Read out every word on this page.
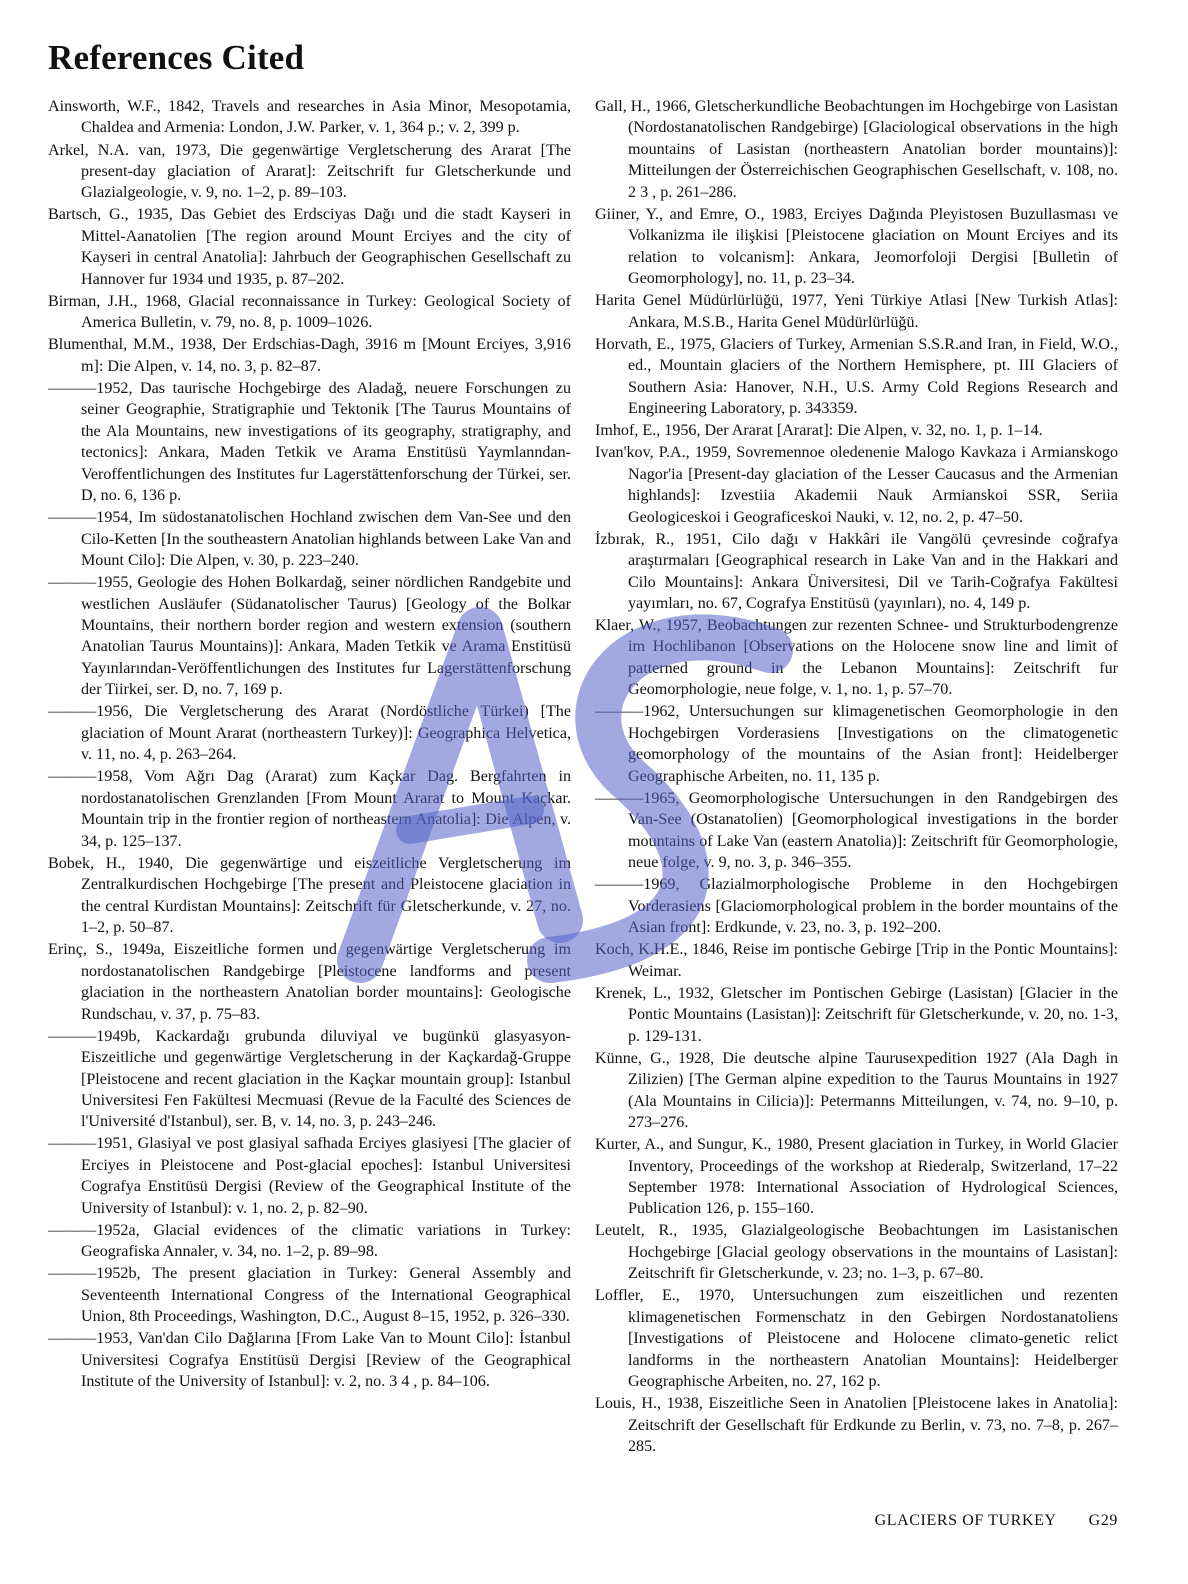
References Cited

Ainsworth, W.F., 1842, Travels and researches in Asia Minor, Mesopotamia, Chaldea and Armenia: London, J.W. Parker, v. 1, 364 p.; v. 2, 399 p.

Arkel, N.A. van, 1973, Die gegenwärtige Vergletscherung des Ararat [The present-day glaciation of Ararat]: Zeitschrift fur Gletscherkunde und Glazialgeologie, v. 9, no. 1–2, p. 89–103.

Bartsch, G., 1935, Das Gebiet des Erdsciyas Dağı und die stadt Kayseri in Mittel-Aanatolien [The region around Mount Erciyes and the city of Kayseri in central Anatolia]: Jahrbuch der Geographischen Gesellschaft zu Hannover fur 1934 und 1935, p. 87–202.

Birman, J.H., 1968, Glacial reconnaissance in Turkey: Geological Society of America Bulletin, v. 79, no. 8, p. 1009–1026.

Blumenthal, M.M., 1938, Der Erdschias-Dagh, 3916 m [Mount Erciyes, 3,916 m]: Die Alpen, v. 14, no. 3, p. 82–87.

———1952, Das taurische Hochgebirge des Aladağ, neuere Forschungen zu seiner Geographie, Stratigraphie und Tektonik [The Taurus Mountains of the Ala Mountains, new investigations of its geography, stratigraphy, and tectonics]: Ankara, Maden Tetkik ve Arama Enstitüsü Yaymlanndan-Veroffentlichungen des Institutes fur Lagerstättenforschung der Türkei, ser. D, no. 6, 136 p.

———1954, Im südostanatolischen Hochland zwischen dem Van-See und den Cilo-Ketten [In the southeastern Anatolian highlands between Lake Van and Mount Cilo]: Die Alpen, v. 30, p. 223–240.

———1955, Geologie des Hohen Bolkardağ, seiner nördlichen Randgebite und westlichen Ausläufer (Südanatolischer Taurus) [Geology of the Bolkar Mountains, their northern border region and western extension (southern Anatolian Taurus Mountains)]: Ankara, Maden Tetkik ve Arama Enstitüsü Yayınlarından-Veröffentlichungen des Institutes fur Lagerstättenforschung der Tiirkei, ser. D, no. 7, 169 p.

———1956, Die Vergletscherung des Ararat (Nordöstliche Türkei) [The glaciation of Mount Ararat (northeastern Turkey)]: Geographica Helvetica, v. 11, no. 4, p. 263–264.

———1958, Vom Ağrı Dag (Ararat) zum Kaçkar Dag. Bergfahrten in nordostanatolischen Grenzlanden [From Mount Ararat to Mount Kaçkar. Mountain trip in the frontier region of northeastern Anatolia]: Die Alpen, v. 34, p. 125–137.

Bobek, H., 1940, Die gegenwärtige und eiszeitliche Vergletscherung im Zentralkurdischen Hochgebirge [The present and Pleistocene glaciation in the central Kurdistan Mountains]: Zeitschrift für Gletscherkunde, v. 27, no. 1–2, p. 50–87.

Erinç, S., 1949a, Eiszeitliche formen und gegenwärtige Vergletscherung im nordostanatolischen Randgebirge [Pleistocene landforms and present glaciation in the northeastern Anatolian border mountains]: Geologische Rundschau, v. 37, p. 75–83.

———1949b, Kackardağı grubunda diluviyal ve bugünkü glasyasyon-Eiszeitliche und gegenwärtige Vergletscherung in der Kaçkardağ-Gruppe [Pleistocene and recent glaciation in the Kaçkar mountain group]: Istanbul Universitesi Fen Fakültesi Mecmuasi (Revue de la Faculté des Sciences de l'Université d'Istanbul), ser. B, v. 14, no. 3, p. 243–246.

———1951, Glasiyal ve post glasiyal safhada Erciyes glasiyesi [The glacier of Erciyes in Pleistocene and Post-glacial epoches]: Istanbul Universitesi Cografya Enstitüsü Dergisi (Review of the Geographical Institute of the University of Istanbul): v. 1, no. 2, p. 82–90.

———1952a, Glacial evidences of the climatic variations in Turkey: Geografiska Annaler, v. 34, no. 1–2, p. 89–98.

———1952b, The present glaciation in Turkey: General Assembly and Seventeenth International Congress of the International Geographical Union, 8th Proceedings, Washington, D.C., August 8–15, 1952, p. 326–330.

———1953, Van'dan Cilo Dağlarına [From Lake Van to Mount Cilo]: İstanbul Universitesi Cografya Enstitüsü Dergisi [Review of the Geographical Institute of the University of Istanbul]: v. 2, no. 3 4 , p. 84–106.

Gall, H., 1966, Gletscherkundliche Beobachtungen im Hochgebirge von Lasistan (Nordostanatolischen Randgebirge) [Glaciological observations in the high mountains of Lasistan (northeastern Anatolian border mountains)]: Mitteilungen der Österreichischen Geographischen Gesellschaft, v. 108, no. 2 3 , p. 261–286.

Giiner, Y., and Emre, O., 1983, Erciyes Dağında Pleyistosen Buzullasması ve Volkanizma ile ilişkisi [Pleistocene glaciation on Mount Erciyes and its relation to volcanism]: Ankara, Jeomorfoloji Dergisi [Bulletin of Geomorphology], no. 11, p. 23–34.

Harita Genel Müdürlürlüğü, 1977, Yeni Türkiye Atlasi [New Turkish Atlas]: Ankara, M.S.B., Harita Genel Müdürlürlüğü.

Horvath, E., 1975, Glaciers of Turkey, Armenian S.S.R.and Iran, in Field, W.O., ed., Mountain glaciers of the Northern Hemisphere, pt. III Glaciers of Southern Asia: Hanover, N.H., U.S. Army Cold Regions Research and Engineering Laboratory, p. 343359.

Imhof, E., 1956, Der Ararat [Ararat]: Die Alpen, v. 32, no. 1, p. 1–14.

Ivan'kov, P.A., 1959, Sovremennoe oledenenie Malogo Kavkaza i Armianskogo Nagor'ia [Present-day glaciation of the Lesser Caucasus and the Armenian highlands]: Izvestiia Akademii Nauk Armianskoi SSR, Seriia Geologiceskoi i Geograficeskoi Nauki, v. 12, no. 2, p. 47–50.

İzbırak, R., 1951, Cilo dağı v Hakkâri ile Vangölü çevresinde coğrafya araştırmaları [Geographical research in Lake Van and in the Hakkari and Cilo Mountains]: Ankara Üniversitesi, Dil ve Tarih-Coğrafya Fakültesi yayımları, no. 67, Cografya Enstitüsü (yayınları), no. 4, 149 p.

Klaer, W., 1957, Beobachtungen zur rezenten Schnee- und Strukturbodengrenze im Hochlibanon [Observations on the Holocene snow line and limit of patterned ground in the Lebanon Mountains]: Zeitschrift fur Geomorphologie, neue folge, v. 1, no. 1, p. 57–70.

———1962, Untersuchungen sur klimagenetischen Geomorphologie in den Hochgebirgen Vorderasiens [Investigations on the climatogenetic geomorphology of the mountains of the Asian front]: Heidelberger Geographische Arbeiten, no. 11, 135 p.

———1965, Geomorphologische Untersuchungen in den Randgebirgen des Van-See (Ostanatolien) [Geomorphological investigations in the border mountains of Lake Van (eastern Anatolia)]: Zeitschrift für Geomorphologie, neue folge, v. 9, no. 3, p. 346–355.

———1969, Glazialmorphologische Probleme in den Hochgebirgen Vorderasiens [Glaciomorphological problem in the border mountains of the Asian front]: Erdkunde, v. 23, no. 3, p. 192–200.

Koch, K.H.E., 1846, Reise im pontische Gebirge [Trip in the Pontic Mountains]: Weimar.

Krenek, L., 1932, Gletscher im Pontischen Gebirge (Lasistan) [Glacier in the Pontic Mountains (Lasistan)]: Zeitschrift für Gletscherkunde, v. 20, no. 1-3, p. 129-131.

Künne, G., 1928, Die deutsche alpine Taurusexpedition 1927 (Ala Dagh in Zilizien) [The German alpine expedition to the Taurus Mountains in 1927 (Ala Mountains in Cilicia)]: Petermanns Mitteilungen, v. 74, no. 9–10, p. 273–276.

Kurter, A., and Sungur, K., 1980, Present glaciation in Turkey, in World Glacier Inventory, Proceedings of the workshop at Riederalp, Switzerland, 17–22 September 1978: International Association of Hydrological Sciences, Publication 126, p. 155–160.

Leutelt, R., 1935, Glazialgeologische Beobachtungen im Lasistanischen Hochgebirge [Glacial geology observations in the mountains of Lasistan]: Zeitschrift fir Gletscherkunde, v. 23; no. 1–3, p. 67–80.

Loffler, E., 1970, Untersuchungen zum eiszeitlichen und rezenten klimagenetischen Formenschatz in den Gebirgen Nordostanatoliens [Investigations of Pleistocene and Holocene climato-genetic relict landforms in the northeastern Anatolian Mountains]: Heidelberger Geographische Arbeiten, no. 27, 162 p.

Louis, H., 1938, Eiszeitliche Seen in Anatolien [Pleistocene lakes in Anatolia]: Zeitschrift der Gesellschaft für Erdkunde zu Berlin, v. 73, no. 7–8, p. 267–285.

GLACIERS OF TURKEY G29
